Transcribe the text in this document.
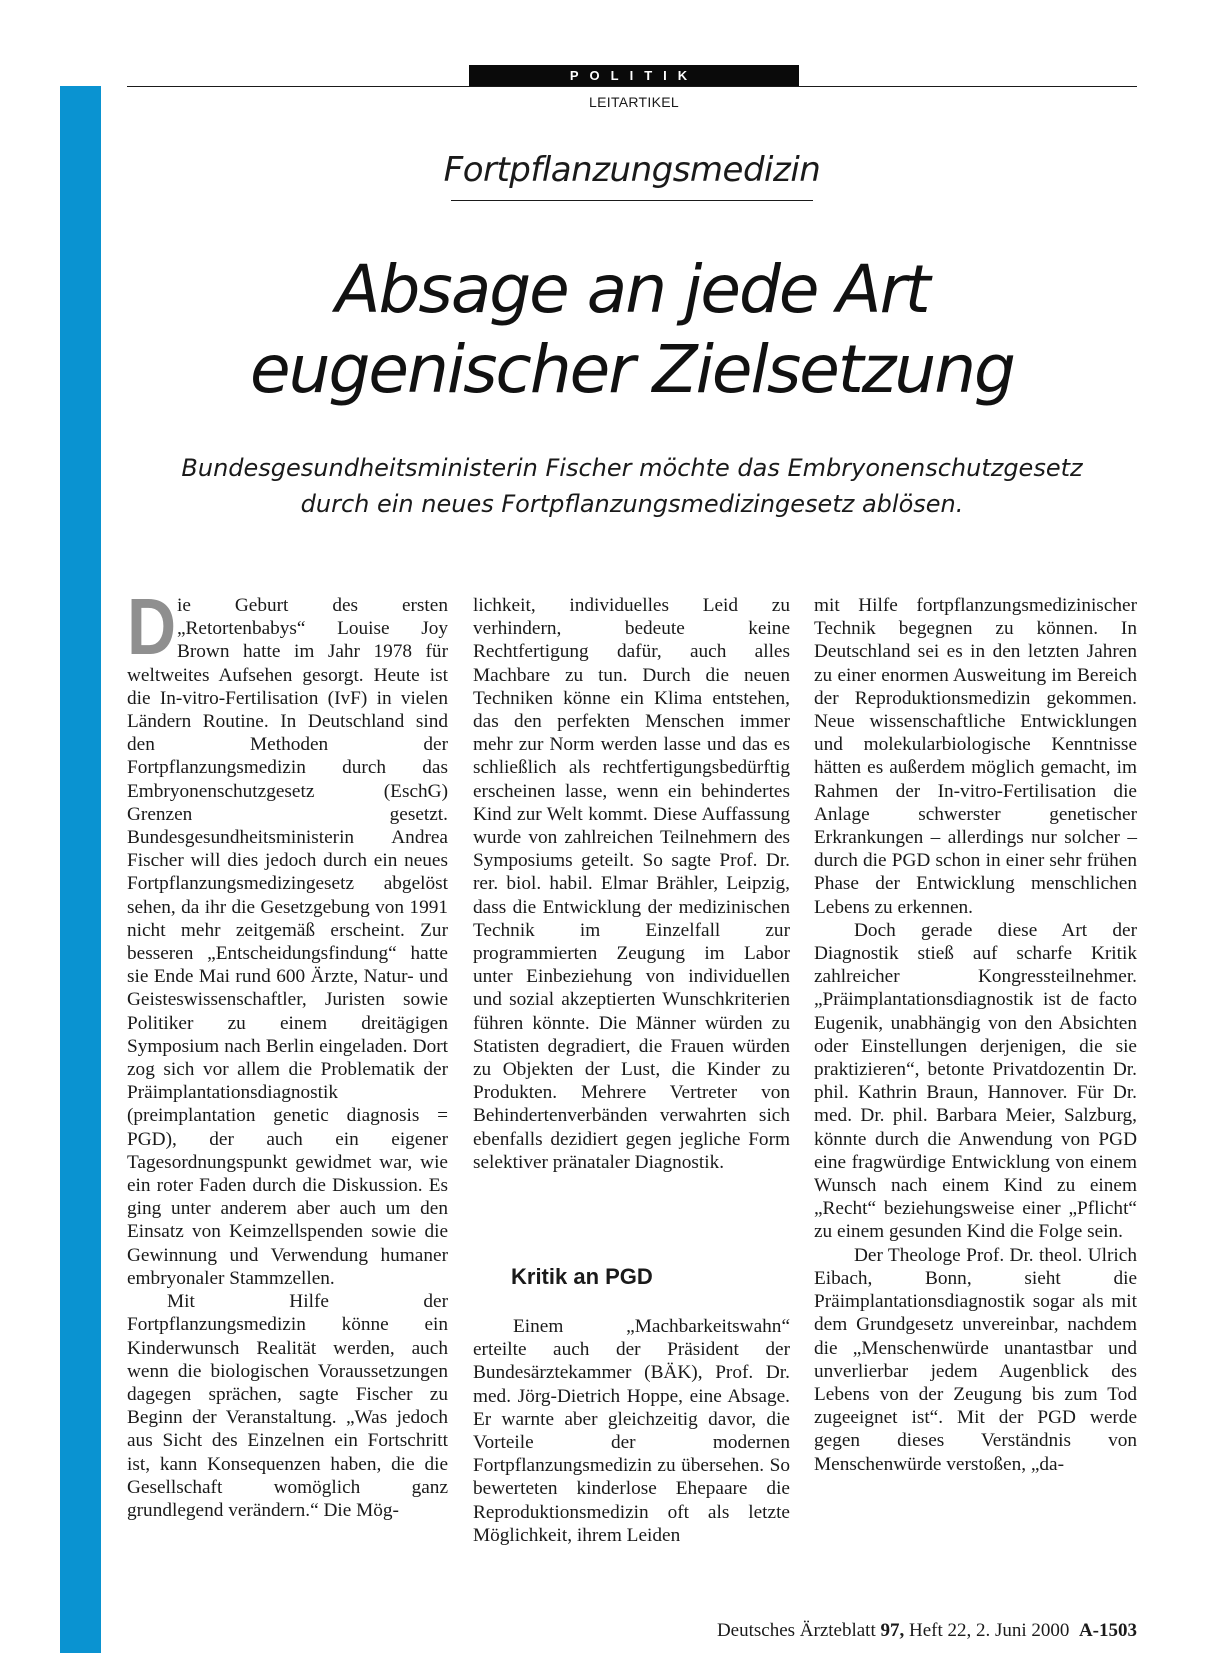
POLITIK
LEITARTIKEL
Fortpflanzungsmedizin
Absage an jede Art
eugenischer Zielsetzung
Bundesgesundheitsministerin Fischer möchte das Embryonenschutzgesetz
durch ein neues Fortpflanzungsmedizingesetz ablösen.

Die Geburt des ersten „Retortenbabys“ Louise Joy Brown hatte im Jahr 1978 für weltweites Aufsehen gesorgt. Heute ist die In-vitro-Fertilisation (IvF) in vielen Ländern Routine. In Deutschland sind den Methoden der Fortpflanzungsmedizin durch das Embryonenschutzgesetz (EschG) Grenzen gesetzt. Bundesgesundheitsministerin Andrea Fischer will dies jedoch durch ein neues Fortpflanzungsmedizingesetz abgelöst sehen, da ihr die Gesetzgebung von 1991 nicht mehr zeitgemäß erscheint. Zur besseren „Entscheidungsfindung“ hatte sie Ende Mai rund 600 Ärzte, Natur- und Geisteswissenschaftler, Juristen sowie Politiker zu einem dreitägigen Symposium nach Berlin eingeladen. Dort zog sich vor allem die Problematik der Präimplantationsdiagnostik (preimplantation genetic diagnosis = PGD), der auch ein eigener Tagesordnungspunkt gewidmet war, wie ein roter Faden durch die Diskussion. Es ging unter anderem aber auch um den Einsatz von Keimzellspenden sowie die Gewinnung und Verwendung humaner embryonaler Stammzellen.

Mit Hilfe der Fortpflanzungsmedizin könne ein Kinderwunsch Realität werden, auch wenn die biologischen Voraussetzungen dagegen sprächen, sagte Fischer zu Beginn der Veranstaltung. „Was jedoch aus Sicht des Einzelnen ein Fortschritt ist, kann Konsequenzen haben, die die Gesellschaft womöglich ganz grundlegend verändern.“ Die Mög-

lichkeit, individuelles Leid zu verhindern, bedeute keine Rechtfertigung dafür, auch alles Machbare zu tun. Durch die neuen Techniken könne ein Klima entstehen, das den perfekten Menschen immer mehr zur Norm werden lasse und das es schließlich als rechtfertigungsbedürftig erscheinen lasse, wenn ein behindertes Kind zur Welt kommt. Diese Auffassung wurde von zahlreichen Teilnehmern des Symposiums geteilt. So sagte Prof. Dr. rer. biol. habil. Elmar Brähler, Leipzig, dass die Entwicklung der medizinischen Technik im Einzelfall zur programmierten Zeugung im Labor unter Einbeziehung von individuellen und sozial akzeptierten Wunschkriterien führen könnte. Die Männer würden zu Statisten degradiert, die Frauen würden zu Objekten der Lust, die Kinder zu Produkten. Mehrere Vertreter von Behindertenverbänden verwahrten sich ebenfalls dezidiert gegen jegliche Form selektiver pränataler Diagnostik.

Kritik an PGD

Einem „Machbarkeitswahn“ erteilte auch der Präsident der Bundesärztekammer (BÄK), Prof. Dr. med. Jörg-Dietrich Hoppe, eine Absage. Er warnte aber gleichzeitig davor, die Vorteile der modernen Fortpflanzungsmedizin zu übersehen. So bewerteten kinderlose Ehepaare die Reproduktionsmedizin oft als letzte Möglichkeit, ihrem Leiden

mit Hilfe fortpflanzungsmedizinischer Technik begegnen zu können. In Deutschland sei es in den letzten Jahren zu einer enormen Ausweitung im Bereich der Reproduktionsmedizin gekommen. Neue wissenschaftliche Entwicklungen und molekularbiologische Kenntnisse hätten es außerdem möglich gemacht, im Rahmen der In-vitro-Fertilisation die Anlage schwerster genetischer Erkrankungen – allerdings nur solcher – durch die PGD schon in einer sehr frühen Phase der Entwicklung menschlichen Lebens zu erkennen.

Doch gerade diese Art der Diagnostik stieß auf scharfe Kritik zahlreicher Kongressteilnehmer. „Präimplantationsdiagnostik ist de facto Eugenik, unabhängig von den Absichten oder Einstellungen derjenigen, die sie praktizieren“, betonte Privatdozentin Dr. phil. Kathrin Braun, Hannover. Für Dr. med. Dr. phil. Barbara Meier, Salzburg, könnte durch die Anwendung von PGD eine fragwürdige Entwicklung von einem Wunsch nach einem Kind zu einem „Recht“ beziehungsweise einer „Pflicht“ zu einem gesunden Kind die Folge sein.

Der Theologe Prof. Dr. theol. Ulrich Eibach, Bonn, sieht die Präimplantationsdiagnostik sogar als mit dem Grundgesetz unvereinbar, nachdem die „Menschenwürde unantastbar und unverlierbar jedem Augenblick des Lebens von der Zeugung bis zum Tod zugeeignet ist“. Mit der PGD werde gegen dieses Verständnis von Menschenwürde verstoßen, „da-

Deutsches Ärzteblatt 97, Heft 22, 2. Juni 2000 A-1503
